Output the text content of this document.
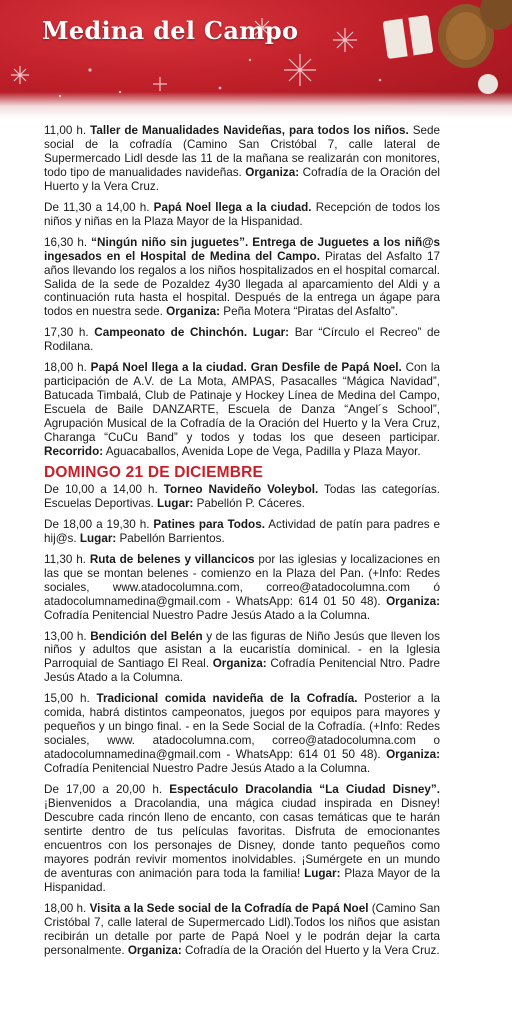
Medina del Campo

11,00 h. Taller de Manualidades Navideñas, para todos los niños. Sede social de la cofradía (Camino San Cristóbal 7, calle lateral de Supermercado Lidl desde las 11 de la mañana se realizarán con monitores, todo tipo de manualidades navideñas. Organiza: Cofradía de la Oración del Huerto y la Vera Cruz.

De 11,30 a 14,00 h. Papá Noel llega a la ciudad. Recepción de todos los niños y niñas en la Plaza Mayor de la Hispanidad.

16,30 h. “Ningún niño sin juguetes”. Entrega de Juguetes a los niñ@s ingesados en el Hospital de Medina del Campo. Piratas del Asfalto 17 años llevando los regalos a los niños hospitalizados en el hospital comarcal. Salida de la sede de Pozaldez 4y30 llegada al aparcamiento del Aldi y a continuación ruta hasta el hospital. Después de la entrega un ágape para todos en nuestra sede. Organiza: Peña Motera “Piratas del Asfalto”.

17,30 h. Campeonato de Chinchón. Lugar: Bar “Círculo el Recreo” de Rodilana.

18,00 h. Papá Noel llega a la ciudad. Gran Desfile de Papá Noel. Con la participación de A.V. de La Mota, AMPAS, Pasacalles “Mágica Navidad”, Batucada Timbalá, Club de Patinaje y Hockey Línea de Medina del Campo, Escuela de Baile DANZARTE, Escuela de Danza “Angel´s School”, Agrupación Musical de la Cofradía de la Oración del Huerto y la Vera Cruz, Charanga “CuCu Band” y todos y todas los que deseen participar. Recorrido: Aguacaballos, Avenida Lope de Vega, Padilla y Plaza Mayor.

DOMINGO 21 DE DICIEMBRE

De 10,00 a 14,00 h. Torneo Navideño Voleybol. Todas las categorías. Escuelas Deportivas. Lugar: Pabellón P. Cáceres.

De 18,00 a 19,30 h. Patines para Todos. Actividad de patín para padres e hij@s. Lugar: Pabellón Barrientos.

11,30 h. Ruta de belenes y villancicos por las iglesias y localizaciones en las que se montan belenes - comienzo en la Plaza del Pan. (+Info: Redes sociales, www.atadocolumna.com, correo@atadocolumna.com ó atadocolumnamedina@gmail.com - WhatsApp: 614 01 50 48). Organiza: Cofradía Penitencial Nuestro Padre Jesús Atado a la Columna.

13,00 h. Bendición del Belén y de las figuras de Niño Jesús que lleven los niños y adultos que asistan a la eucaristía dominical. - en la Iglesia Parroquial de Santiago El Real. Organiza: Cofradía Penitencial Ntro. Padre Jesús Atado a la Columna.

15,00 h. Tradicional comida navideña de la Cofradía. Posterior a la comida, habrá distintos campeonatos, juegos por equipos para mayores y pequeños y un bingo final. - en la Sede Social de la Cofradía. (+Info: Redes sociales, www. atadocolumna.com, correo@atadocolumna.com o atadocolumnamedina@gmail.com - WhatsApp: 614 01 50 48). Organiza: Cofradía Penitencial Nuestro Padre Jesús Atado a la Columna.

De 17,00 a 20,00 h. Espectáculo Dracolandia “La Ciudad Disney”. ¡Bienvenidos a Dracolandia, una mágica ciudad inspirada en Disney! Descubre cada rincón lleno de encanto, con casas temáticas que te harán sentirte dentro de tus películas favoritas. Disfruta de emocionantes encuentros con los personajes de Disney, donde tanto pequeños como mayores podrán revivir momentos inolvidables. ¡Sumérgete en un mundo de aventuras con animación para toda la familia! Lugar: Plaza Mayor de la Hispanidad.

18,00 h. Visita a la Sede social de la Cofradía de Papá Noel (Camino San Cristóbal 7, calle lateral de Supermercado Lidl).Todos los niños que asistan recibirán un detalle por parte de Papá Noel y le podrán dejar la carta personalmente. Organiza: Cofradía de la Oración del Huerto y la Vera Cruz.
